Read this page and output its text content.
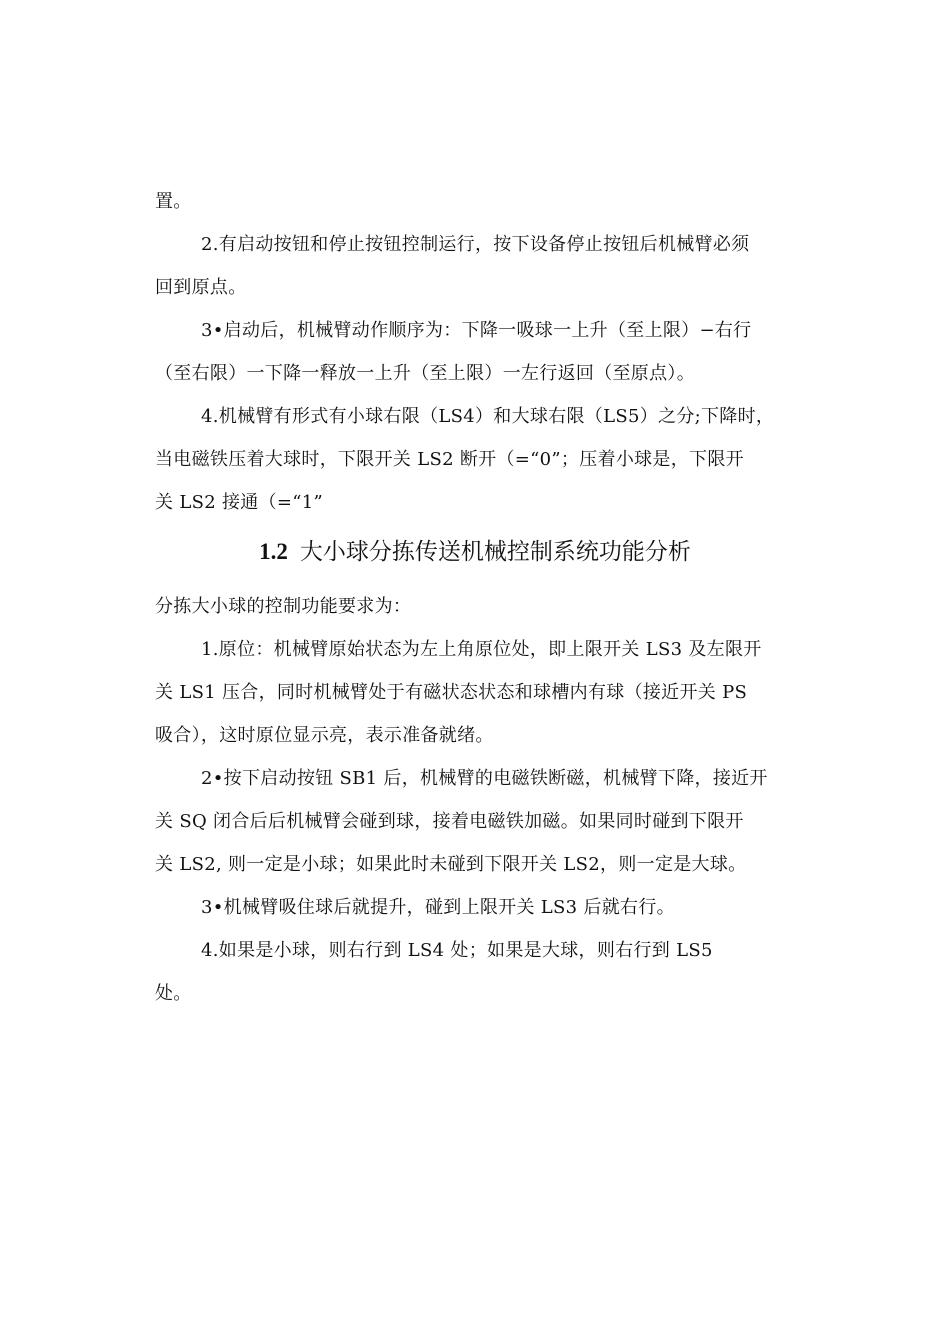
置。
2.有启动按钮和停止按钮控制运行，按下设备停止按钮后机械臂必须
回到原点。
3•启动后，机械臂动作顺序为：下降一吸球一上升（至上限）−右行
（至右限）一下降一释放一上升（至上限）一左行返回（至原点）。
4.机械臂有形式有小球右限（LS4）和大球右限（LS5）之分;下降时，
当电磁铁压着大球时，下限开关 LS2 断开（=“0”；压着小球是，下限开
关 LS2 接通（=“1”
1.2 大小球分拣传送机械控制系统功能分析
分拣大小球的控制功能要求为：
1.原位：机械臂原始状态为左上角原位处，即上限开关 LS3 及左限开
关 LS1 压合，同时机械臂处于有磁状态状态和球槽内有球（接近开关 PS
吸合），这时原位显示亮，表示准备就绪。
2•按下启动按钮 SB1 后，机械臂的电磁铁断磁，机械臂下降，接近开
关 SQ 闭合后后机械臂会碰到球，接着电磁铁加磁。如果同时碰到下限开
关 LS2, 则一定是小球；如果此时未碰到下限开关 LS2，则一定是大球。
3•机械臂吸住球后就提升，碰到上限开关 LS3 后就右行。
4.如果是小球，则右行到 LS4 处；如果是大球，则右行到 LS5
处。
